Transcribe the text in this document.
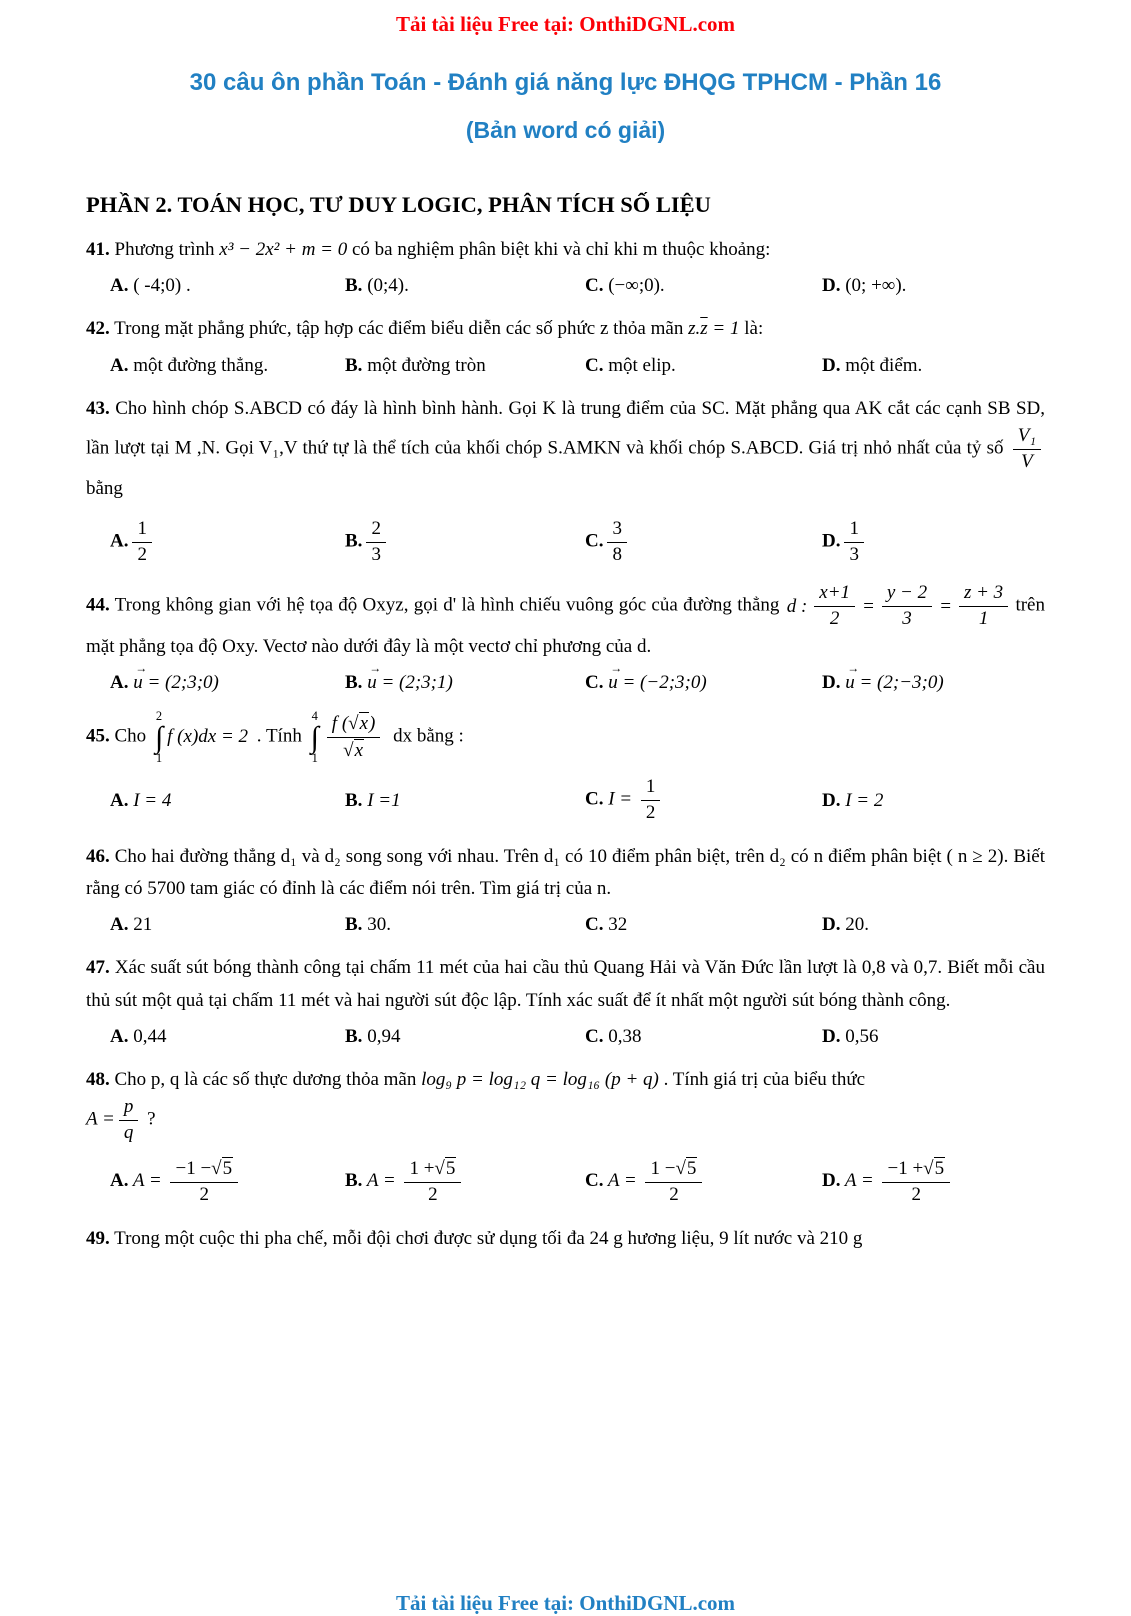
Tải tài liệu Free tại: OnthiDGNL.com
30 câu ôn phần Toán - Đánh giá năng lực ĐHQG TPHCM - Phần 16
(Bản word có giải)
PHẦN 2. TOÁN HỌC, TƯ DUY LOGIC, PHÂN TÍCH SỐ LIỆU

41. Phương trình x³ − 2x² + m = 0 có ba nghiệm phân biệt khi và chỉ khi m thuộc khoảng:

A. ( -4;0) .	B. (0;4).	C. (−∞;0).	D. (0; +∞).

42. Trong mặt phẳng phức, tập hợp các điểm biểu diễn các số phức z thỏa mãn $z.\overline{z} = 1$ là:

A. một đường thẳng.	B. một đường tròn	C. một elip.	D. một điểm.

43. Cho hình chóp S.ABCD có đáy là hình bình hành. Gọi K là trung điểm của SC. Mặt phẳng qua AK cắt các cạnh SB SD, lần lượt tại M ,N. Gọi V₁,V thứ tự là thể tích của khối chóp S.AMKN và khối chóp S.ABCD. Giá trị nhỏ nhất của tỷ số $\frac{\text{V₁}}{V}$
bằng

A. $\frac{1}{2}$	B. $\frac{2}{3}$	C. $\frac{3}{8}$	D. $\frac{1}{3}$

44. Trong không gian với hệ tọa độ Oxyz, gọi d' là hình chiếu vuông góc của đường thẳng d : $\frac{x+1}{2} = \frac{y - 2}{3} = \frac{z + 3}{1}$ trên mặt phẳng tọa độ Oxy. Vectơ nào dưới đây là một vectơ chỉ phương của d.

A. u
→
= (2;3;0)	B. u
→
= (2;3;1)	C. u
→
= (−2;3;0)	D. u
→
= (2;−3;0)

45. Cho
2
∫
1
f (x)dx = 2 . Tính
4
∫
$1 \frac{f ( √ x )}{√ x}$ dx bằng :

A. I = 4	B. I =1	C. $I = \frac{1}{2}$	D. I = 2

46. Cho hai đường thẳng d₁ và d₂ song song với nhau. Trên d₁ có 10 điểm phân biệt, trên d₂ có n điểm phân biệt ( n ≥ 2). Biết rằng có 5700 tam giác có đỉnh là các điểm nói trên. Tìm giá trị của n.

A. 21	B. 30.	C. 32	D. 20.

47. Xác suất sút bóng thành công tại chấm 11 mét của hai cầu thủ Quang Hải và Văn Đức lần lượt là 0,8 và 0,7. Biết mỗi cầu thủ sút một quả tại chấm 11 mét và hai người sút độc lập. Tính xác suất để ít nhất một người sút bóng thành công.

A. 0,44	B. 0,94	C. 0,38	D. 0,56

48. Cho p, q là các số thực dương thỏa mãn log₉ p = log₁₂ q = log₁₆ (p + q) . Tính giá trị của biểu thức

$A = \frac{p}{q}$ ?

A. $A = \frac{-1 - √ 5}{2}$	B. $A = \frac{1 + √ 5}{2}$	C. $A = \frac{1 - √ 5}{2}$	D. $A = \frac{-1 + √ 5}{2}$

49. Trong một cuộc thi pha chế, mỗi đội chơi được sử dụng tối đa 24 g hương liệu, 9 lít nước và 210 g

Tải tài liệu Free tại: OnthiDGNL.com
